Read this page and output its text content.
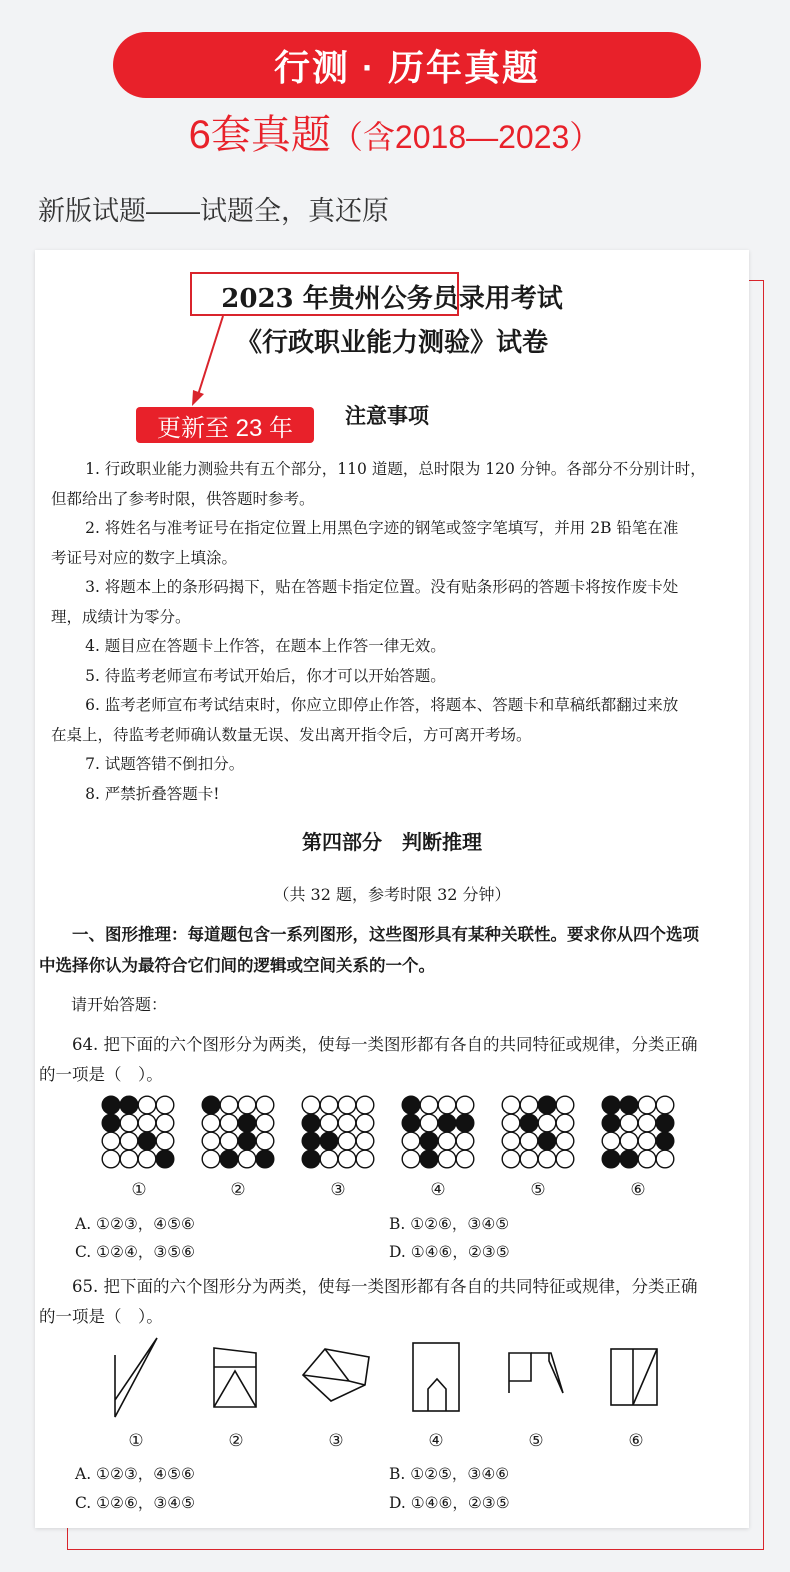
行测 · 历年真题
6套真题（含2018—2023）
新版试题——试题全，真还原
2023 年贵州公务员录用考试
《行政职业能力测验》试卷
更新至 23 年	注意事项

1. 行政职业能力测验共有五个部分，110 道题，总时限为 120 分钟。各部分不分别计时，

但都给出了参考时限，供答题时参考。

2. 将姓名与准考证号在指定位置上用黑色字迹的钢笔或签字笔填写，并用 2B 铅笔在准

考证号对应的数字上填涂。

3. 将题本上的条形码揭下，贴在答题卡指定位置。没有贴条形码的答题卡将按作废卡处

理，成绩计为零分。

4. 题目应在答题卡上作答，在题本上作答一律无效。

5. 待监考老师宣布考试开始后，你才可以开始答题。

6. 监考老师宣布考试结束时，你应立即停止作答，将题本、答题卡和草稿纸都翻过来放

在桌上，待监考老师确认数量无误、发出离开指令后，方可离开考场。

7. 试题答错不倒扣分。

8. 严禁折叠答题卡!

第四部分　判断推理
（共 32 题，参考时限 32 分钟）
一、图形推理：每道题包含一系列图形，这些图形具有某种关联性。要求你从四个选项
中选择你认为最符合它们间的逻辑或空间关系的一个。
请开始答题：
64. 把下面的六个图形分为两类，使每一类图形都有各自的共同特征或规律，分类正确
的一项是（　）。
①	②	③	④	⑤	⑥
A. ①②③，④⑤⑥	B. ①②⑥，③④⑤
C. ①②④，③⑤⑥	D. ①④⑥，②③⑤
65. 把下面的六个图形分为两类，使每一类图形都有各自的共同特征或规律，分类正确
的一项是（　）。
①	②	③	④	⑤	⑥
A. ①②③，④⑤⑥	B. ①②⑤，③④⑥
C. ①②⑥，③④⑤	D. ①④⑥，②③⑤
